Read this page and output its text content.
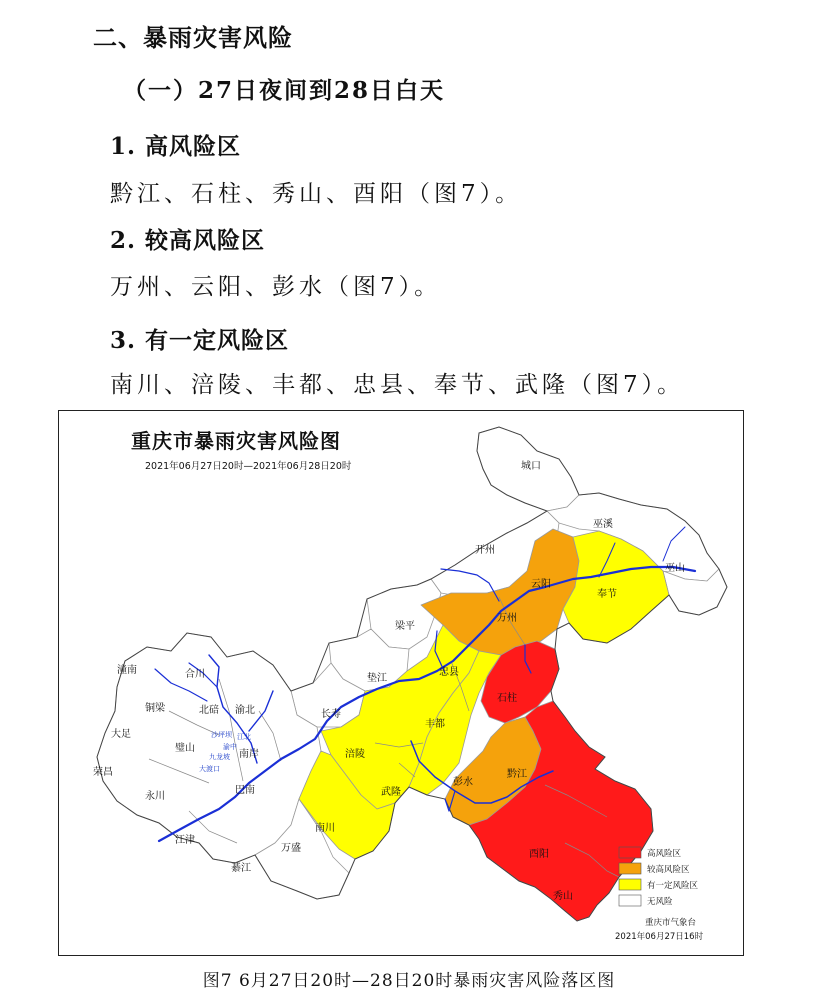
二、暴雨灾害风险
（一）27日夜间到28日白天
1. 高风险区
黔江、石柱、秀山、酉阳（图7）。
2. 较高风险区
万州、云阳、彭水（图7）。
3. 有一定风险区
南川、涪陵、丰都、忠县、奉节、武隆（图7）。
重庆市暴雨灾害风险图
2021年06月27日20时—2021年06月28日20时	城口
巫溪
巫山
开州
云阳
奉节
万州
梁平
忠县
石柱
垫江
长寿
丰都
涪陵
武隆
彭水
黔江
酉阳
秀山
南川
万盛
綦江
江津
永川
荣昌
大足
铜梁
潼南	合川
璧山
北碚 渝北
南岸
巴南
沙坪坝
九龙坡
渝中
江北
大渡口
高风险区
较高风险区
有一定风险区
无风险
重庆市气象台
2021年06月27日16时
图7 6月27日20时—28日20时暴雨灾害风险落区图
